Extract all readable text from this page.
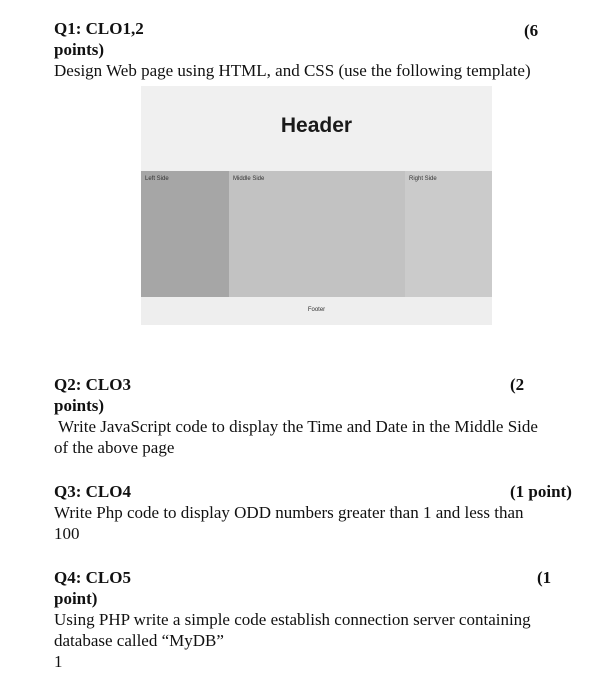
Q1: CLO1,2	(6
points)
Design Web page using HTML, and CSS (use the following template)
Header
Left Side	Middle Side	Right Side
Footer
Q2: CLO3	(2
points)
Write JavaScript code to display the Time and Date in the Middle Side
of the above page
Q3: CLO4	(1 point)
Write Php code to display ODD numbers greater than 1 and less than
100
Q4: CLO5	(1
point)
Using PHP write a simple code establish connection server containing
database called “MyDB”
1
